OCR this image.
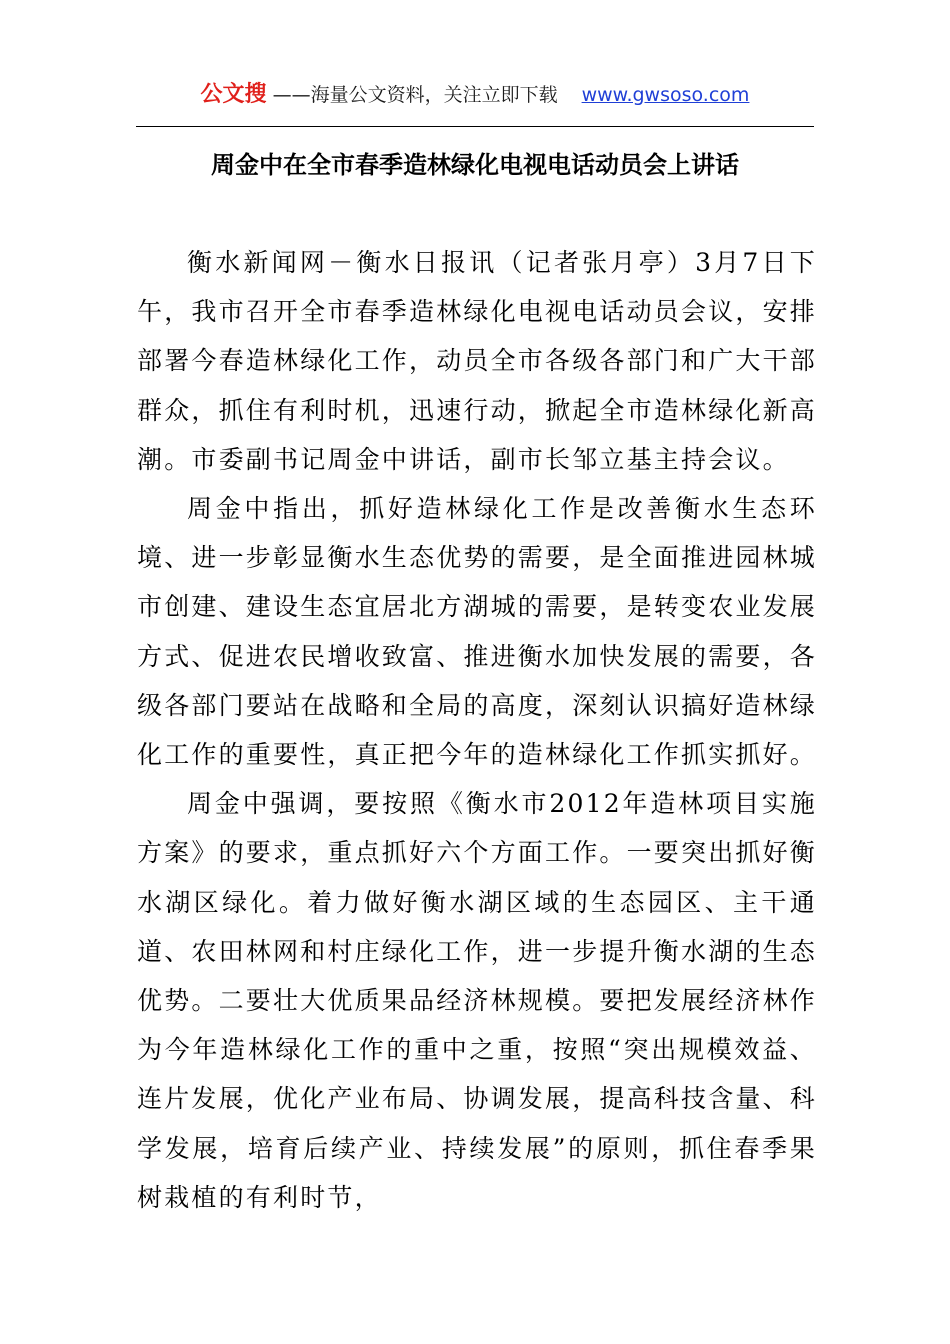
公文搜 ——海量公文资料，关注立即下载 www.gwsoso.com
周金中在全市春季造林绿化电视电话动员会上讲话

衡水新闻网－衡水日报讯（记者张月亭）3月7日下午，我市召开全市春季造林绿化电视电话动员会议，安排部署今春造林绿化工作，动员全市各级各部门和广大干部群众，抓住有利时机，迅速行动，掀起全市造林绿化新高潮。市委副书记周金中讲话，副市长邹立基主持会议。

周金中指出，抓好造林绿化工作是改善衡水生态环境、进一步彰显衡水生态优势的需要，是全面推进园林城市创建、建设生态宜居北方湖城的需要，是转变农业发展方式、促进农民增收致富、推进衡水加快发展的需要，各级各部门要站在战略和全局的高度，深刻认识搞好造林绿化工作的重要性，真正把今年的造林绿化工作抓实抓好。

周金中强调，要按照《衡水市2012年造林项目实施方案》的要求，重点抓好六个方面工作。一要突出抓好衡水湖区绿化。着力做好衡水湖区域的生态园区、主干通道、农田林网和村庄绿化工作，进一步提升衡水湖的生态优势。二要壮大优质果品经济林规模。要把发展经济林作为今年造林绿化工作的重中之重，按照“突出规模效益、连片发展，优化产业布局、协调发展，提高科技含量、科学发展，培育后续产业、持续发展”的原则，抓住春季果树栽植的有利时节，
